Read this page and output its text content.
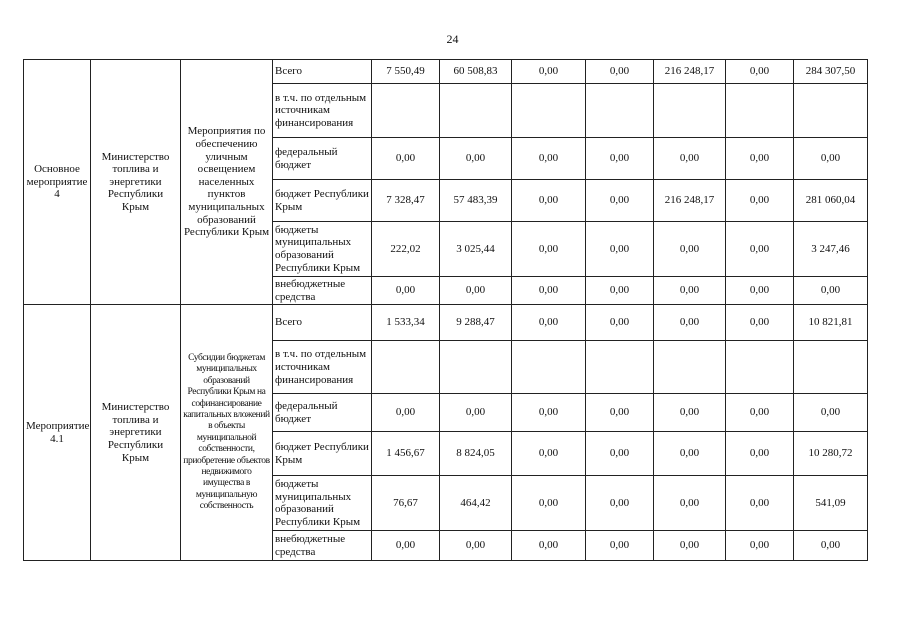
24
Основное мероприятие 4	Министерство топлива и энергетики Республики Крым	Мероприятия по обеспечению уличным освещением населенных пунктов муниципальных образований Республики Крым	Всего	7 550,49	60 508,83	0,00	0,00	216 248,17	0,00	284 307,50
			в т.ч. по отдельным источникам финансирования							
			федеральный бюджет	0,00	0,00	0,00	0,00	0,00	0,00	0,00
			бюджет Республики Крым	7 328,47	57 483,39	0,00	0,00	216 248,17	0,00	281 060,04
			бюджеты муниципальных образований Республики Крым	222,02	3 025,44	0,00	0,00	0,00	0,00	3 247,46
			внебюджетные средства	0,00	0,00	0,00	0,00	0,00	0,00	0,00
Мероприятие 4.1	Министерство топлива и энергетики Республики Крым	Субсидии бюджетам муниципальных образований Республики Крым на софинансирование капитальных вложений в объекты муниципальной собственности, приобретение объектов недвижимого имущества в муниципальную собственность	Всего	1 533,34	9 288,47	0,00	0,00	0,00	0,00	10 821,81
			в т.ч. по отдельным источникам финансирования							
			федеральный бюджет	0,00	0,00	0,00	0,00	0,00	0,00	0,00
			бюджет Республики Крым	1 456,67	8 824,05	0,00	0,00	0,00	0,00	10 280,72
			бюджеты муниципальных образований Республики Крым	76,67	464,42	0,00	0,00	0,00	0,00	541,09
			внебюджетные средства	0,00	0,00	0,00	0,00	0,00	0,00	0,00
